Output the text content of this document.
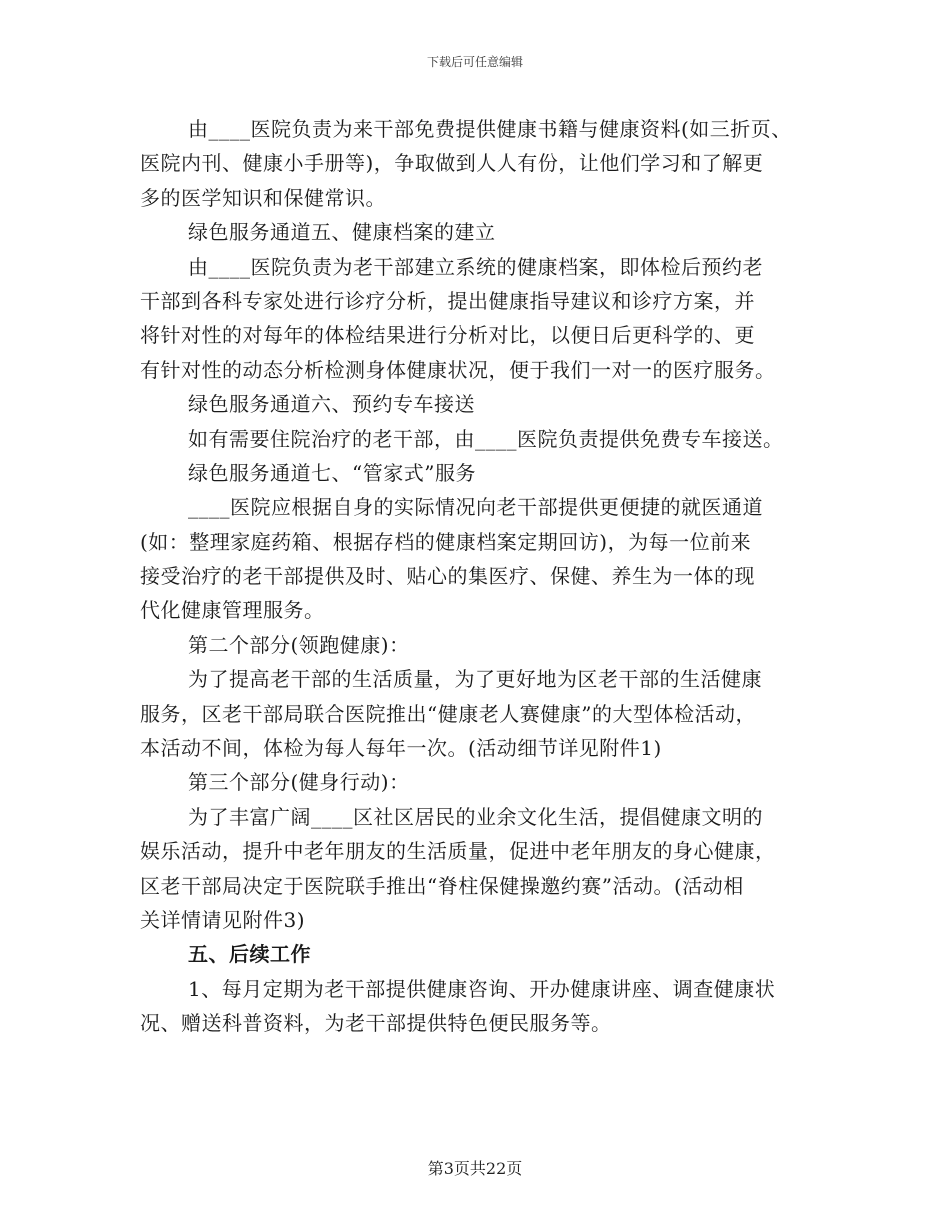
下载后可任意编辑
由____医院负责为来干部免费提供健康书籍与健康资料(如三折页、
医院内刊、健康小手册等)，争取做到人人有份，让他们学习和了解更
多的医学知识和保健常识。
绿色服务通道五、健康档案的建立
由____医院负责为老干部建立系统的健康档案，即体检后预约老
干部到各科专家处进行诊疗分析，提出健康指导建议和诊疗方案，并
将针对性的对每年的体检结果进行分析对比，以便日后更科学的、更
有针对性的动态分析检测身体健康状况，便于我们一对一的医疗服务。
绿色服务通道六、预约专车接送
如有需要住院治疗的老干部，由____医院负责提供免费专车接送。
绿色服务通道七、“管家式”服务
____医院应根据自身的实际情况向老干部提供更便捷的就医通道
(如：整理家庭药箱、根据存档的健康档案定期回访)，为每一位前来
接受治疗的老干部提供及时、贴心的集医疗、保健、养生为一体的现
代化健康管理服务。
第二个部分(领跑健康)：
为了提高老干部的生活质量，为了更好地为区老干部的生活健康
服务，区老干部局联合医院推出“健康老人赛健康”的大型体检活动，
本活动不间，体检为每人每年一次。(活动细节详见附件1)
第三个部分(健身行动)：
为了丰富广阔____区社区居民的业余文化生活，提倡健康文明的
娱乐活动，提升中老年朋友的生活质量，促进中老年朋友的身心健康，
区老干部局决定于医院联手推出“脊柱保健操邀约赛”活动。(活动相
关详情请见附件3)
五、后续工作
1、每月定期为老干部提供健康咨询、开办健康讲座、调查健康状
况、赠送科普资料，为老干部提供特色便民服务等。
第3页共22页
